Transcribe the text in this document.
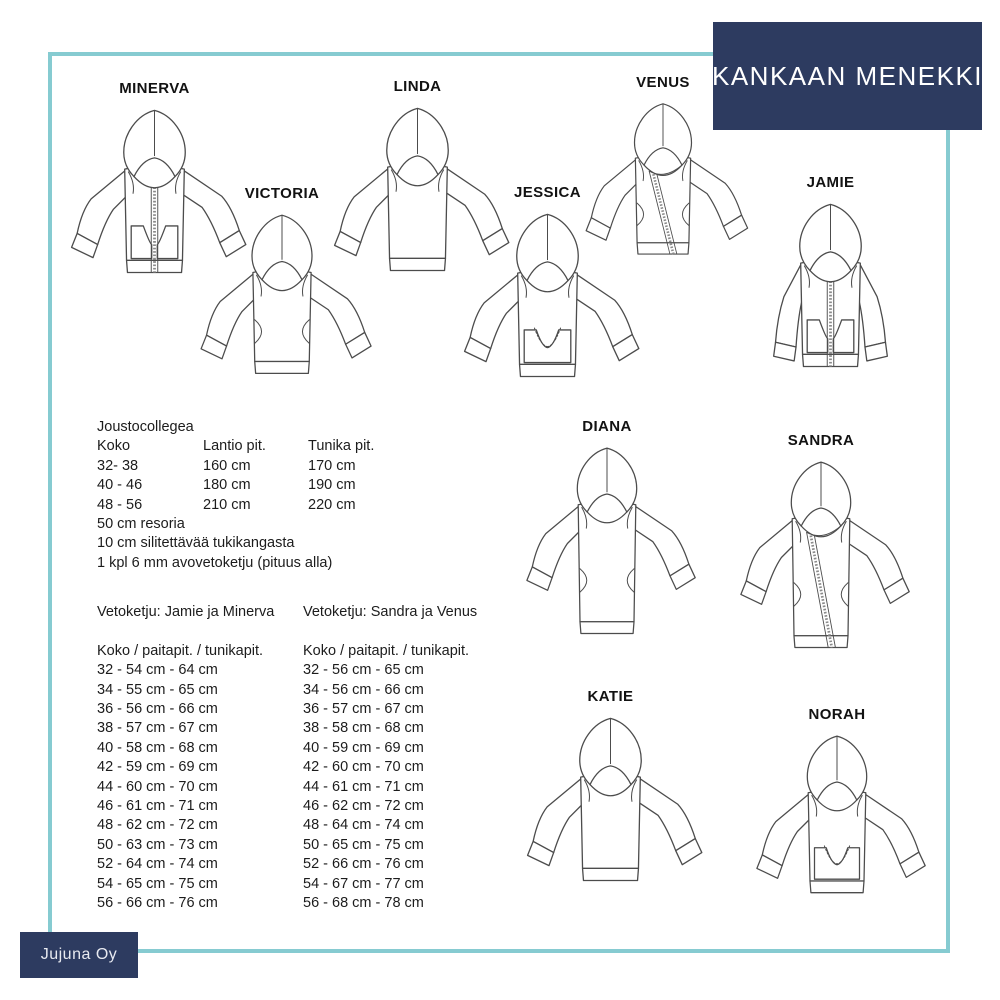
KANKAAN MENEKKI
Jujuna Oy
MINERVA
VICTORIA
LINDA
JESSICA
VENUS
JAMIE
DIANA
SANDRA
KATIE
NORAH
Joustocollegea
Koko	Lantio pit.	Tunika pit.
32- 38	160 cm	170 cm
40 - 46	180 cm	190 cm
48 - 56	210 cm	220 cm
50 cm resoria
10 cm silitettävää tukikangasta
1 kpl 6 mm avovetoketju (pituus alla)
Vetoketju: Jamie ja Minerva
Koko / paitapit. / tunikapit.
32 - 54 cm - 64 cm
34 - 55 cm - 65 cm
36 - 56 cm - 66 cm
38 - 57 cm - 67 cm
40 - 58 cm - 68 cm
42 - 59 cm - 69 cm
44 - 60 cm - 70 cm
46 - 61 cm - 71 cm
48 - 62 cm - 72 cm
50 - 63 cm - 73 cm
52 - 64 cm - 74 cm
54 - 65 cm - 75 cm
56 - 66 cm - 76 cm
Vetoketju: Sandra ja Venus
Koko / paitapit. / tunikapit.
32 - 56 cm - 65 cm
34 - 56 cm - 66 cm
36 - 57 cm - 67 cm
38 - 58 cm - 68 cm
40 - 59 cm - 69 cm
42 - 60 cm - 70 cm
44 - 61 cm - 71 cm
46 - 62 cm - 72 cm
48 - 64 cm - 74 cm
50 - 65 cm - 75 cm
52 - 66 cm - 76 cm
54 - 67 cm - 77 cm
56 - 68 cm - 78 cm
